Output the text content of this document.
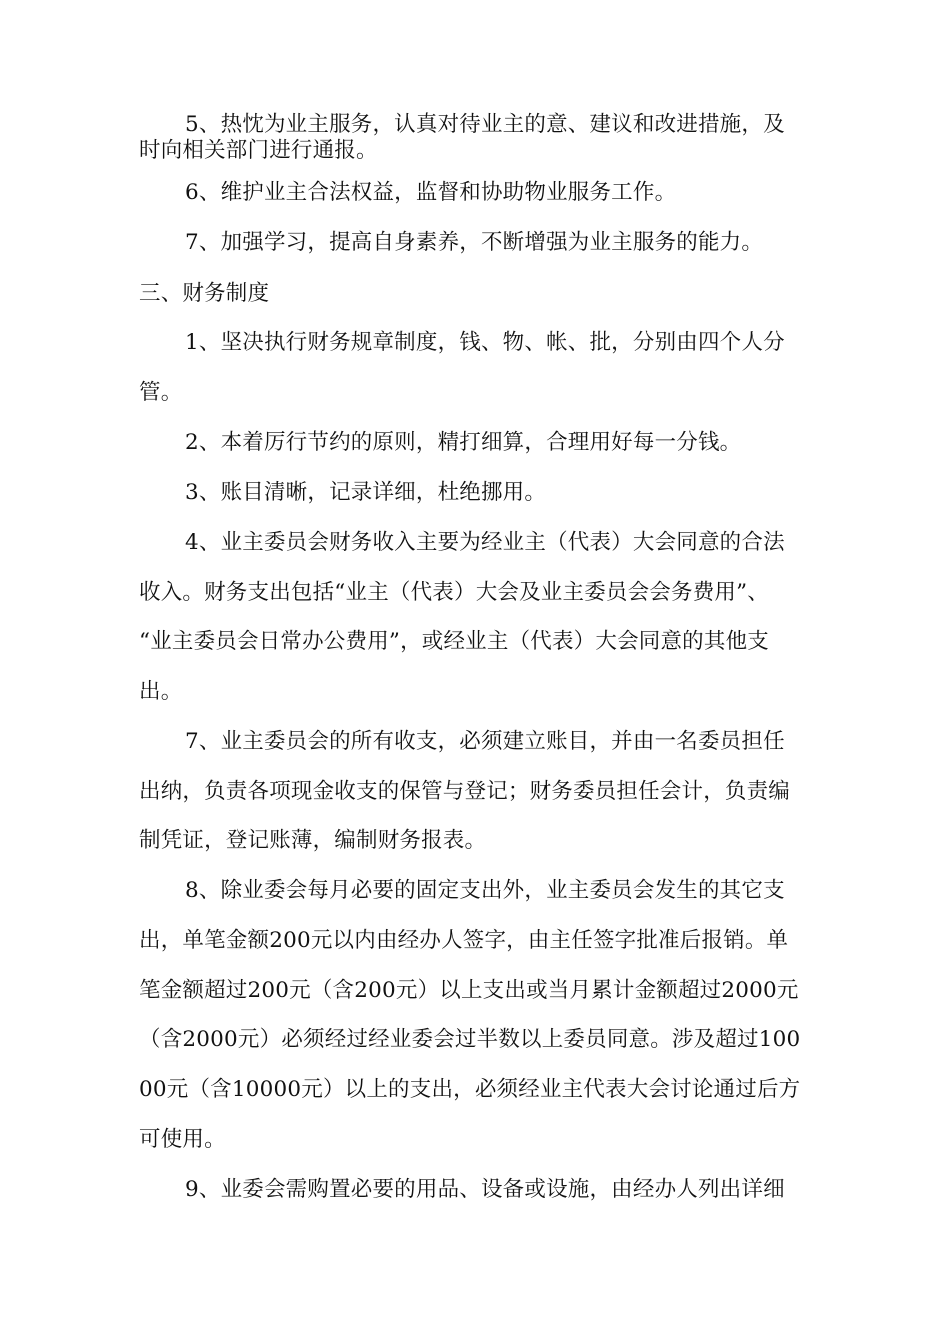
5、热忱为业主服务，认真对待业主的意、建议和改进措施，及
时向相关部门进行通报。
6、维护业主合法权益，监督和协助物业服务工作。
7、加强学习，提高自身素养，不断增强为业主服务的能力。
三、财务制度
1、坚决执行财务规章制度，钱、物、帐、批，分别由四个人分
管。
2、本着厉行节约的原则，精打细算，合理用好每一分钱。
3、账目清晰，记录详细，杜绝挪用。
4、业主委员会财务收入主要为经业主（代表）大会同意的合法
收入。财务支出包括“业主（代表）大会及业主委员会会务费用”、
“业主委员会日常办公费用”，或经业主（代表）大会同意的其他支
出。
7、业主委员会的所有收支，必须建立账目，并由一名委员担任
出纳，负责各项现金收支的保管与登记；财务委员担任会计，负责编
制凭证，登记账薄，编制财务报表。
8、除业委会每月必要的固定支出外，业主委员会发生的其它支
出，单笔金额200元以内由经办人签字，由主任签字批准后报销。单
笔金额超过200元（含200元）以上支出或当月累计金额超过2000元
（含2000元）必须经过经业委会过半数以上委员同意。涉及超过100
00元（含10000元）以上的支出，必须经业主代表大会讨论通过后方
可使用。
9、业委会需购置必要的用品、设备或设施，由经办人列出详细
